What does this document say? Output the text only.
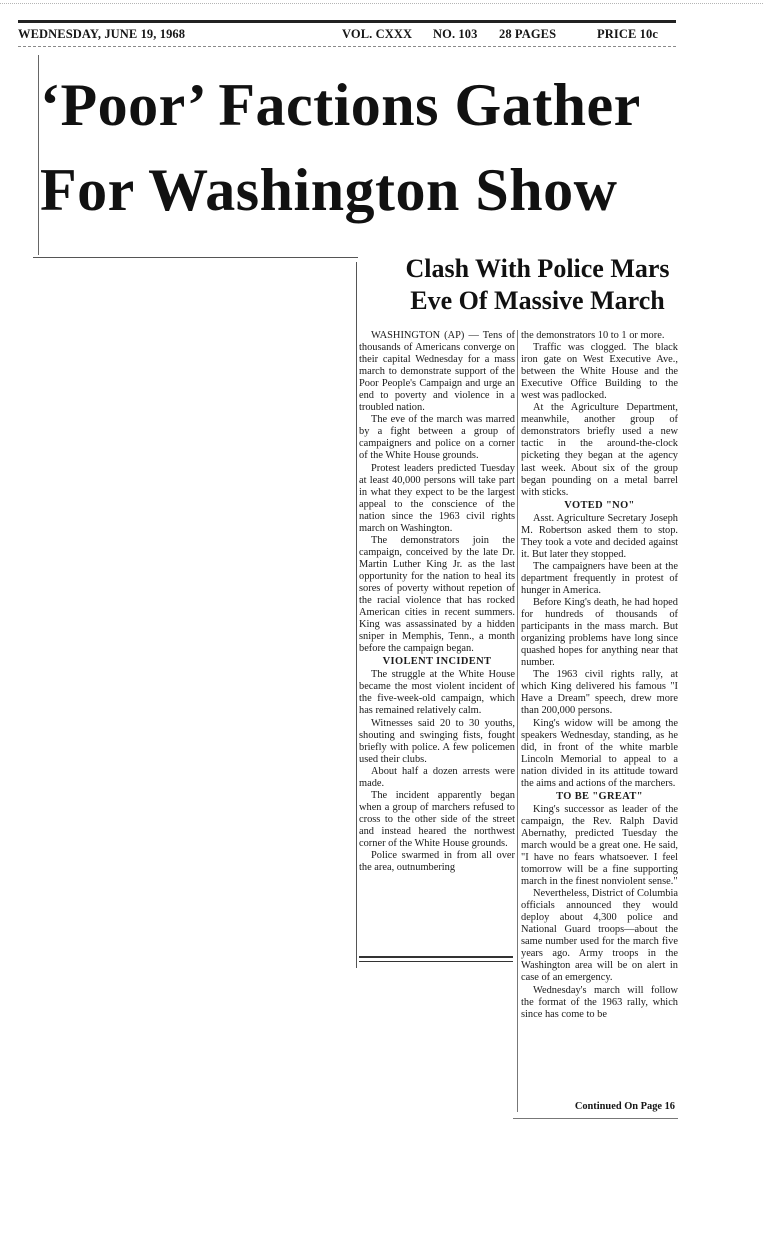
WEDNESDAY, JUNE 19, 1968	VOL. CXXX NO. 103 28 PAGES	PRICE 10c
‘Poor’ Factions Gather
For Washington Show
Clash With Police Mars
Eve Of Massive March

WASHINGTON (AP) — Tens of thousands of Americans converge on their capital Wednesday for a mass march to demonstrate support of the Poor People's Campaign and urge an end to poverty and violence in a troubled nation.

The eve of the march was marred by a fight between a group of campaigners and police on a corner of the White House grounds.

Protest leaders predicted Tuesday at least 40,000 persons will take part in what they expect to be the largest appeal to the conscience of the nation since the 1963 civil rights march on Washington.

The demonstrators join the campaign, conceived by the late Dr. Martin Luther King Jr. as the last opportunity for the nation to heal its sores of poverty without repetion of the racial violence that has rocked American cities in recent summers. King was assassinated by a hidden sniper in Memphis, Tenn., a month before the campaign began.

VIOLENT INCIDENT

The struggle at the White House became the most violent incident of the five-week-old campaign, which has remained relatively calm.

Witnesses said 20 to 30 youths, shouting and swinging fists, fought briefly with police. A few policemen used their clubs.

About half a dozen arrests were made.

The incident apparently began when a group of marchers refused to cross to the other side of the street and instead heared the northwest corner of the White House grounds.

Police swarmed in from all over the area, outnumbering

the demonstrators 10 to 1 or more.

Traffic was clogged. The black iron gate on West Executive Ave., between the White House and the Executive Office Building to the west was padlocked.

At the Agriculture Department, meanwhile, another group of demonstrators briefly used a new tactic in the around-the-clock picketing they began at the agency last week. About six of the group began pounding on a metal barrel with sticks.

VOTED "NO"

Asst. Agriculture Secretary Joseph M. Robertson asked them to stop. They took a vote and decided against it. But later they stopped.

The campaigners have been at the department frequently in protest of hunger in America.

Before King's death, he had hoped for hundreds of thousands of participants in the mass march. But organizing problems have long since quashed hopes for anything near that number.

The 1963 civil rights rally, at which King delivered his famous "I Have a Dream" speech, drew more than 200,000 persons.

King's widow will be among the speakers Wednesday, standing, as he did, in front of the white marble Lincoln Memorial to appeal to a nation divided in its attitude toward the aims and actions of the marchers.

TO BE "GREAT"

King's successor as leader of the campaign, the Rev. Ralph David Abernathy, predicted Tuesday the march would be a great one. He said, "I have no fears whatsoever. I feel tomorrow will be a fine supporting march in the finest nonviolent sense."

Nevertheless, District of Columbia officials announced they would deploy about 4,300 police and National Guard troops—about the same number used for the march five years ago. Army troops in the Washington area will be on alert in case of an emergency.

Wednesday's march will follow the format of the 1963 rally, which since has come to be

Continued On Page 16
